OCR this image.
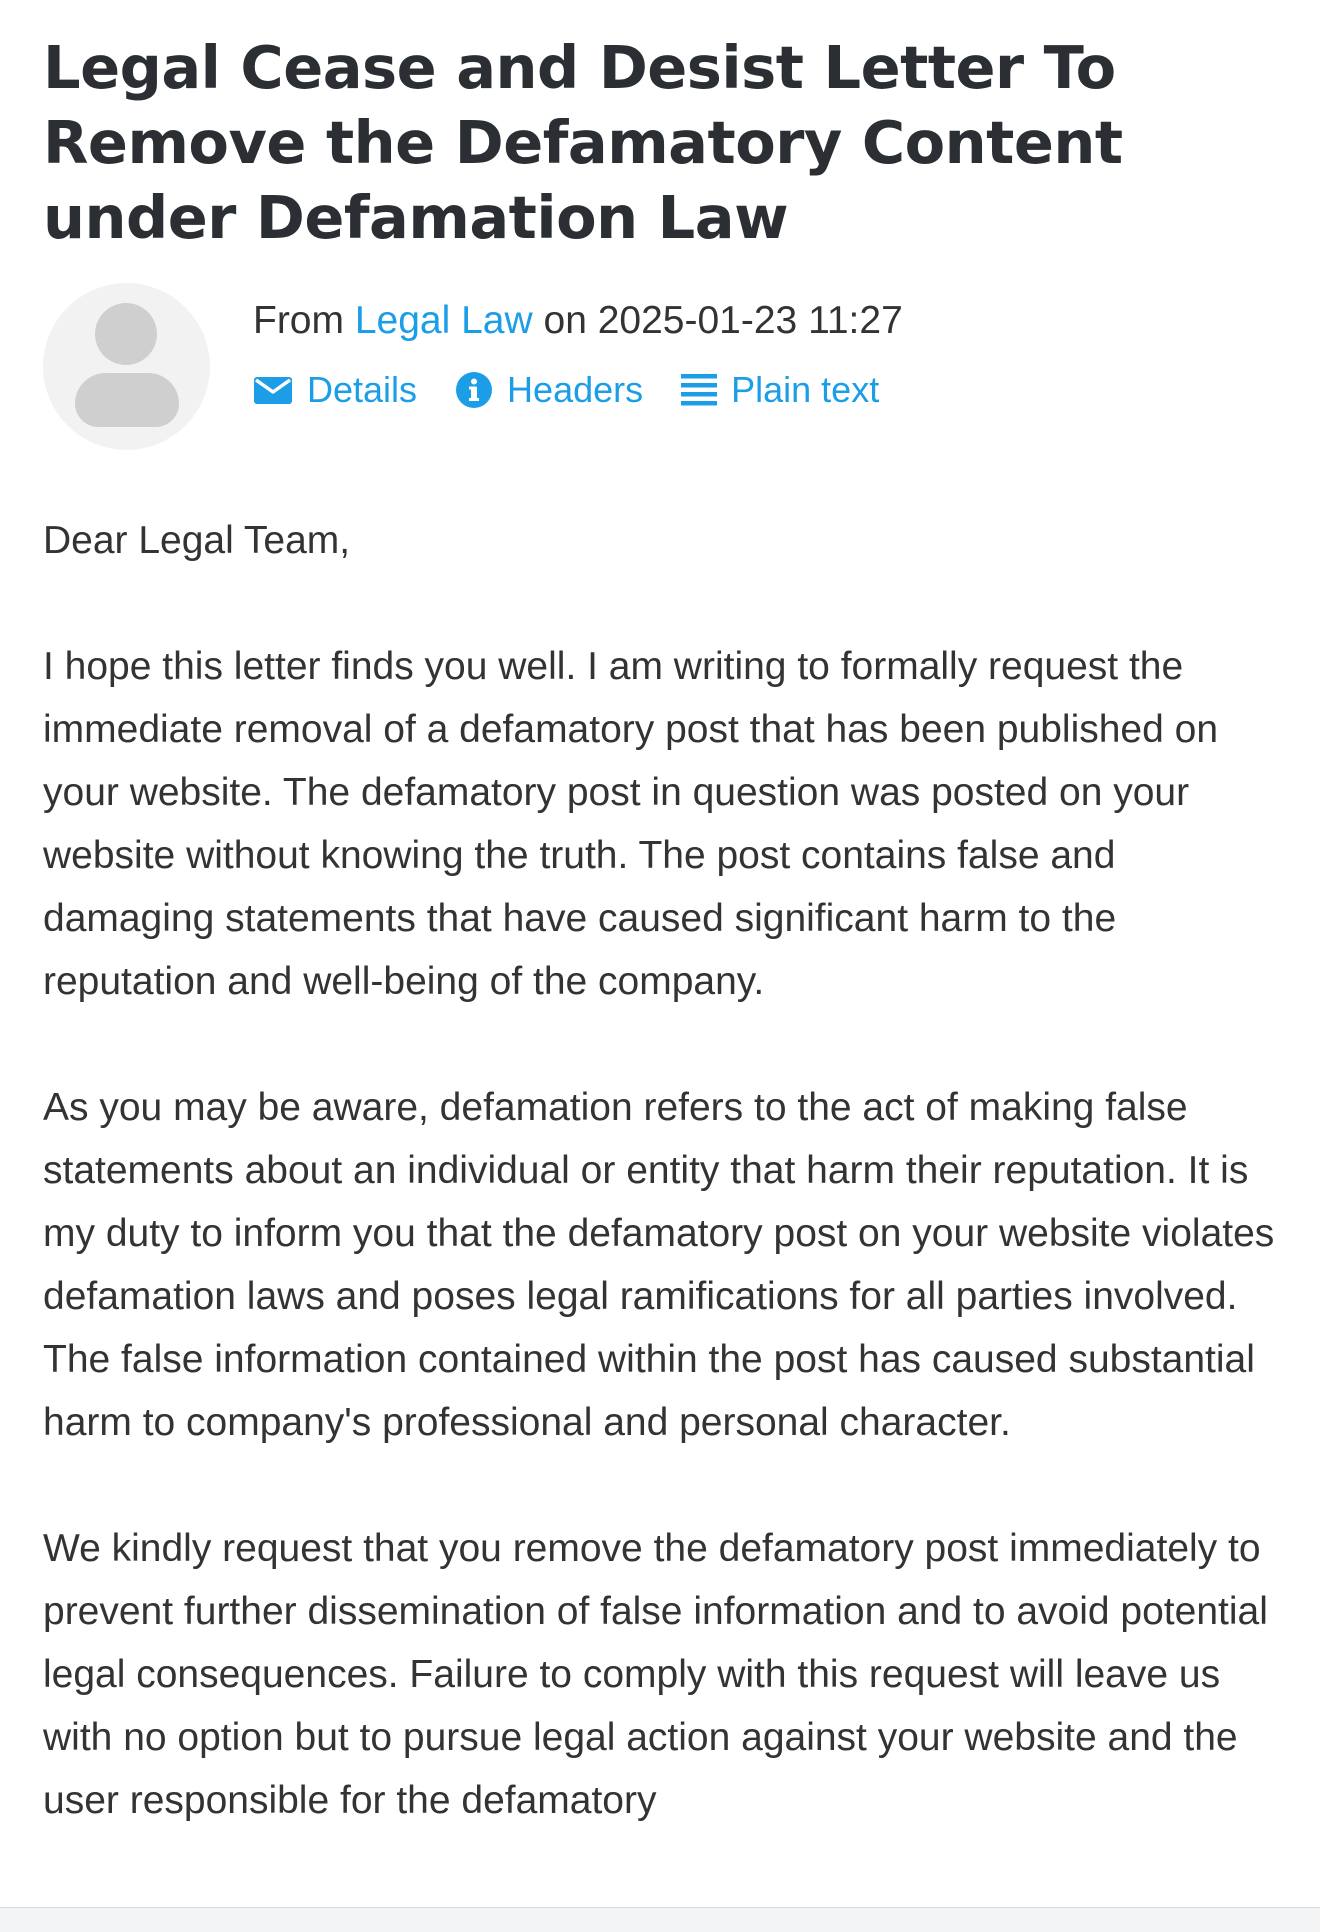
Legal Cease and Desist Letter To Remove the Defamatory Content under Defamation Law
From Legal Law on 2025-01-23 11:27
Details	Headers Plain text

Dear Legal Team,

I hope this letter finds you well. I am writing to formally request the immediate removal of a defamatory post that has been published on your website. The defamatory post in question was posted on your website without knowing the truth. The post contains false and damaging statements that have caused significant harm to the reputation and well-being of the company.

As you may be aware, defamation refers to the act of making false statements about an individual or entity that harm their reputation. It is my duty to inform you that the defamatory post on your website violates defamation laws and poses legal ramifications for all parties involved. The false information contained within the post has caused substantial harm to company's professional and personal character.

We kindly request that you remove the defamatory post immediately to prevent further dissemination of false information and to avoid potential legal consequences. Failure to comply with this request will leave us with no option but to pursue legal action against your website and the user responsible for the defamatory
